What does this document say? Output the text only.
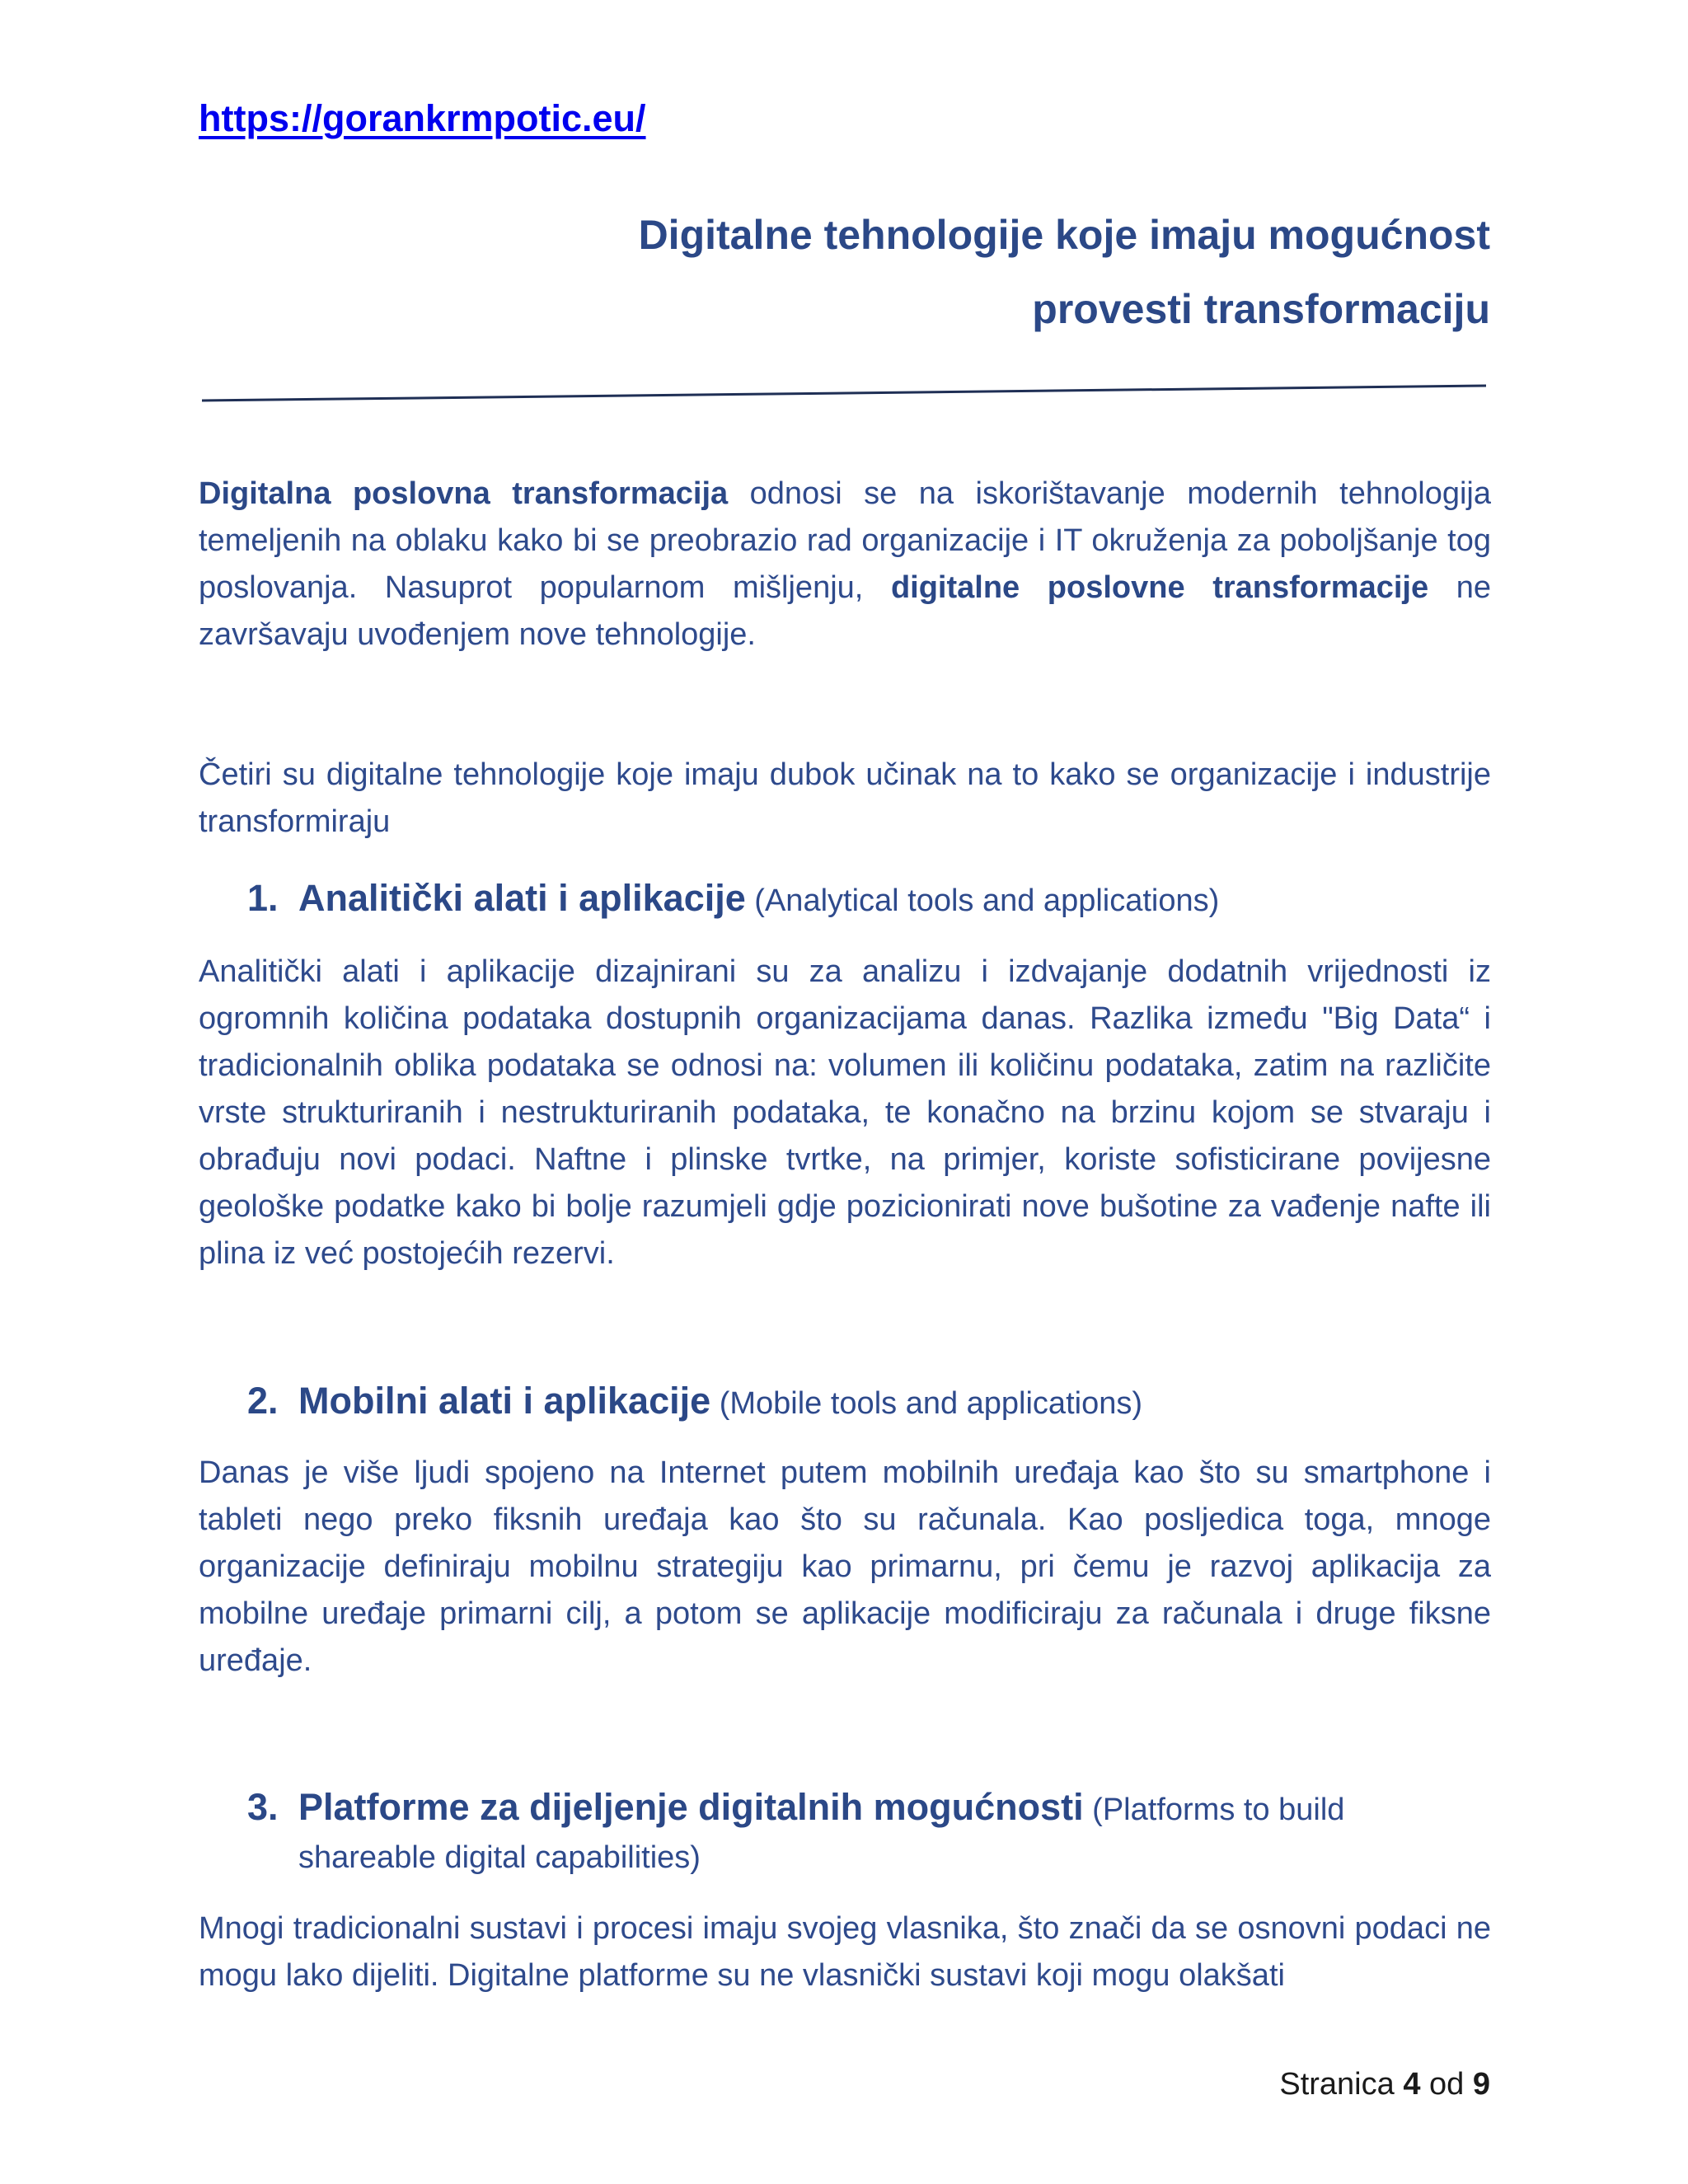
https://gorankrmpotic.eu/
Digitalne tehnologije koje imaju mogućnost
provesti transformaciju
Digitalna poslovna transformacija odnosi se na iskorištavanje modernih tehnologija temeljenih na oblaku kako bi se preobrazio rad organizacije i IT okruženja za poboljšanje tog poslovanja. Nasuprot popularnom mišljenju, digitalne poslovne transformacije ne završavaju uvođenjem nove tehnologije.
Četiri su digitalne tehnologije koje imaju dubok učinak na to kako se organizacije i industrije transformiraju
1. Analitički alati i aplikacije (Analytical tools and applications)
Analitički alati i aplikacije dizajnirani su za analizu i izdvajanje dodatnih vrijednosti iz ogromnih količina podataka dostupnih organizacijama danas. Razlika između "Big Data“ i tradicionalnih oblika podataka se odnosi na: volumen ili količinu podataka, zatim na različite vrste strukturiranih i nestrukturiranih podataka, te konačno na brzinu kojom se stvaraju i obrađuju novi podaci. Naftne i plinske tvrtke, na primjer, koriste sofisticirane povijesne geološke podatke kako bi bolje razumjeli gdje pozicionirati nove bušotine za vađenje nafte ili plina iz već postojećih rezervi.
2. Mobilni alati i aplikacije (Mobile tools and applications)
Danas je više ljudi spojeno na Internet putem mobilnih uređaja kao što su smartphone i tableti nego preko fiksnih uređaja kao što su računala. Kao posljedica toga, mnoge organizacije definiraju mobilnu strategiju kao primarnu, pri čemu je razvoj aplikacija za mobilne uređaje primarni cilj, a potom se aplikacije modificiraju za računala i druge fiksne uređaje.
3. Platforme za dijeljenje digitalnih mogućnosti (Platforms to build
shareable digital capabilities)
Mnogi tradicionalni sustavi i procesi imaju svojeg vlasnika, što znači da se osnovni podaci ne mogu lako dijeliti. Digitalne platforme su ne vlasnički sustavi koji mogu olakšati
Stranica 4 od 9
